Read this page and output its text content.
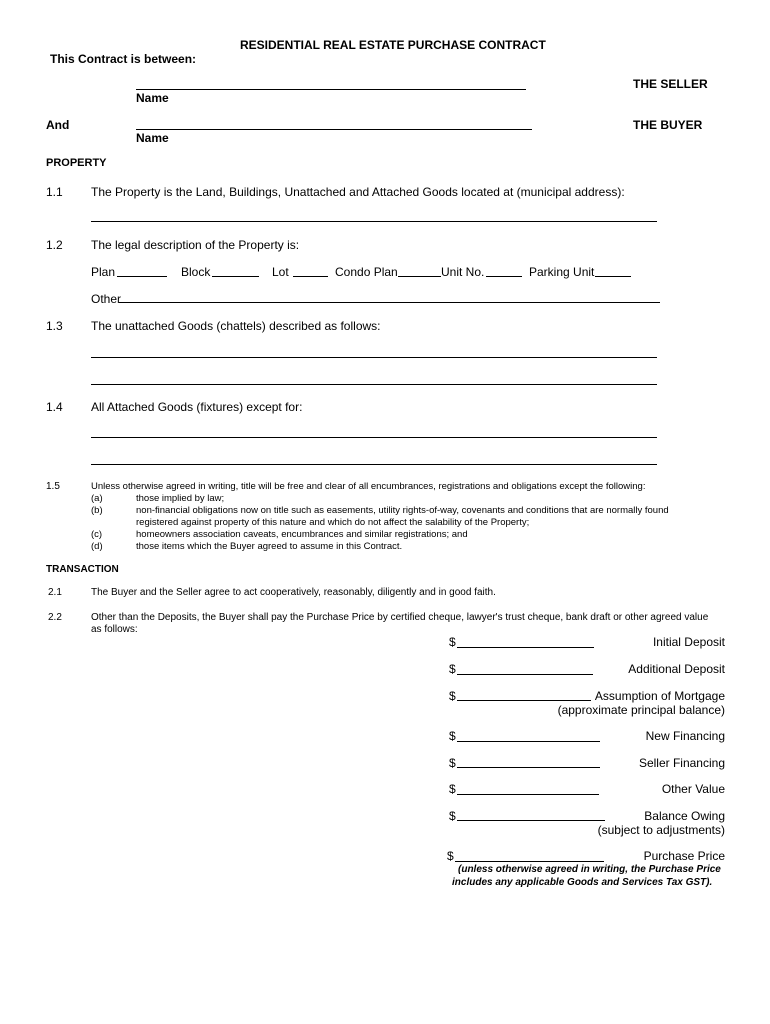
RESIDENTIAL REAL ESTATE PURCHASE CONTRACT
This Contract is between:
Name
THE SELLER
And
Name
THE BUYER
PROPERTY
1.1 The Property is the Land, Buildings, Unattached and Attached Goods located at (municipal address):
1.2 The legal description of the Property is:
Plan	Block	Lot	Condo Plan	Unit No.	Parking Unit
Other
1.3 The unattached Goods (chattels) described as follows:
1.4 All Attached Goods (fixtures) except for:
1.5	Unless otherwise agreed in writing, title will be free and clear of all encumbrances, registrations and obligations except the following:
(a)	those implied by law;
(b)	non-financial obligations now on title such as easements, utility rights-of-way, covenants and conditions that are normally found
registered against property of this nature and which do not affect the salability of the Property;
(c)	homeowners association caveats, encumbrances and similar registrations; and
(d)	those items which the Buyer agreed to assume in this Contract.
TRANSACTION
2.1	The Buyer and the Seller agree to act cooperatively, reasonably, diligently and in good faith.
2.2	Other than the Deposits, the Buyer shall pay the Purchase Price by certified cheque, lawyer's trust cheque, bank draft or other agreed value
as follows:
$	Initial Deposit
$	Additional Deposit
$	Assumption of Mortgage
(approximate principal balance)
$	New Financing
$	Seller Financing
$	Other Value
$	Balance Owing
(subject to adjustments)
$	Purchase Price
(unless otherwise agreed in writing, the Purchase Price
includes any applicable Goods and Services Tax GST).
